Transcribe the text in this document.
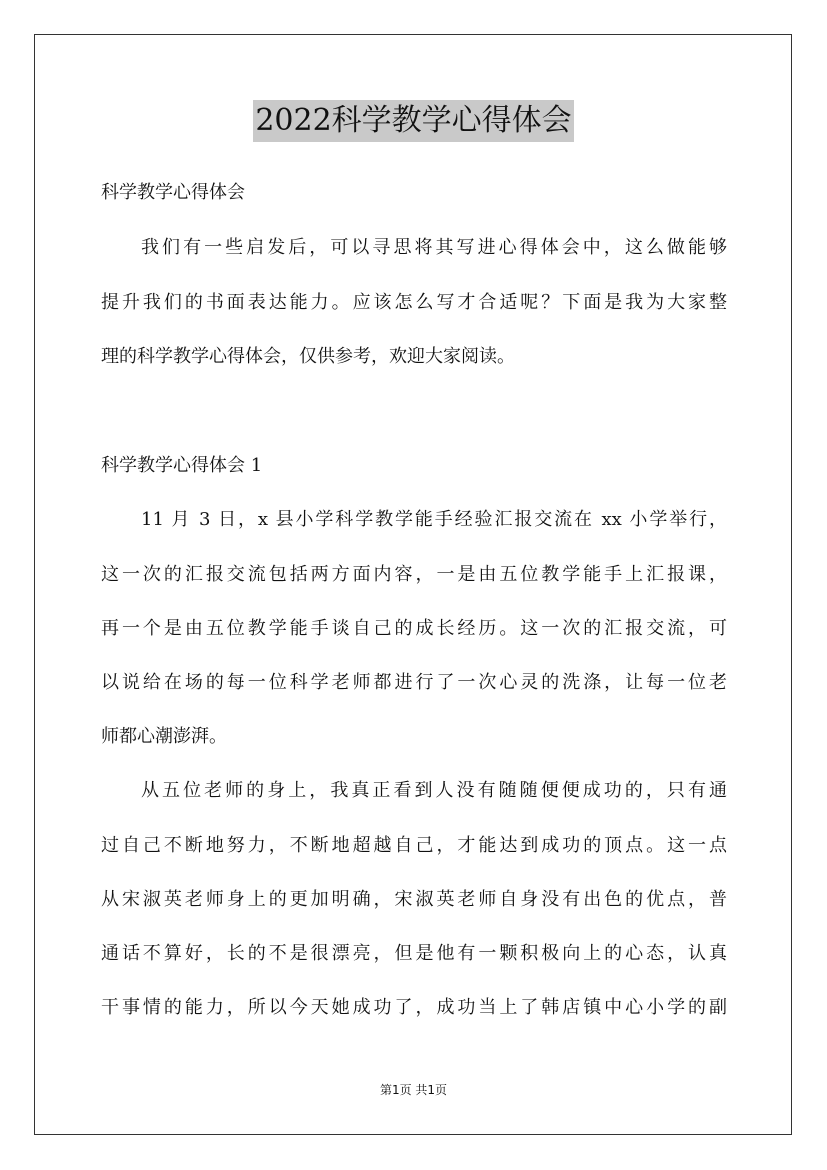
2022科学教学心得体会
科学教学心得体会
我们有一些启发后，可以寻思将其写进心得体会中，这么做能够
提升我们的书面表达能力。应该怎么写才合适呢？下面是我为大家整
理的科学教学心得体会，仅供参考，欢迎大家阅读。
科学教学心得体会 1
11 月 3 日，x 县小学科学教学能手经验汇报交流在 xx 小学举行，
这一次的汇报交流包括两方面内容，一是由五位教学能手上汇报课，
再一个是由五位教学能手谈自己的成长经历。这一次的汇报交流，可
以说给在场的每一位科学老师都进行了一次心灵的洗涤，让每一位老
师都心潮澎湃。
从五位老师的身上，我真正看到人没有随随便便成功的，只有通
过自己不断地努力，不断地超越自己，才能达到成功的顶点。这一点
从宋淑英老师身上的更加明确，宋淑英老师自身没有出色的优点，普
通话不算好，长的不是很漂亮，但是他有一颗积极向上的心态，认真
干事情的能力，所以今天她成功了，成功当上了韩店镇中心小学的副
第1页 共1页
